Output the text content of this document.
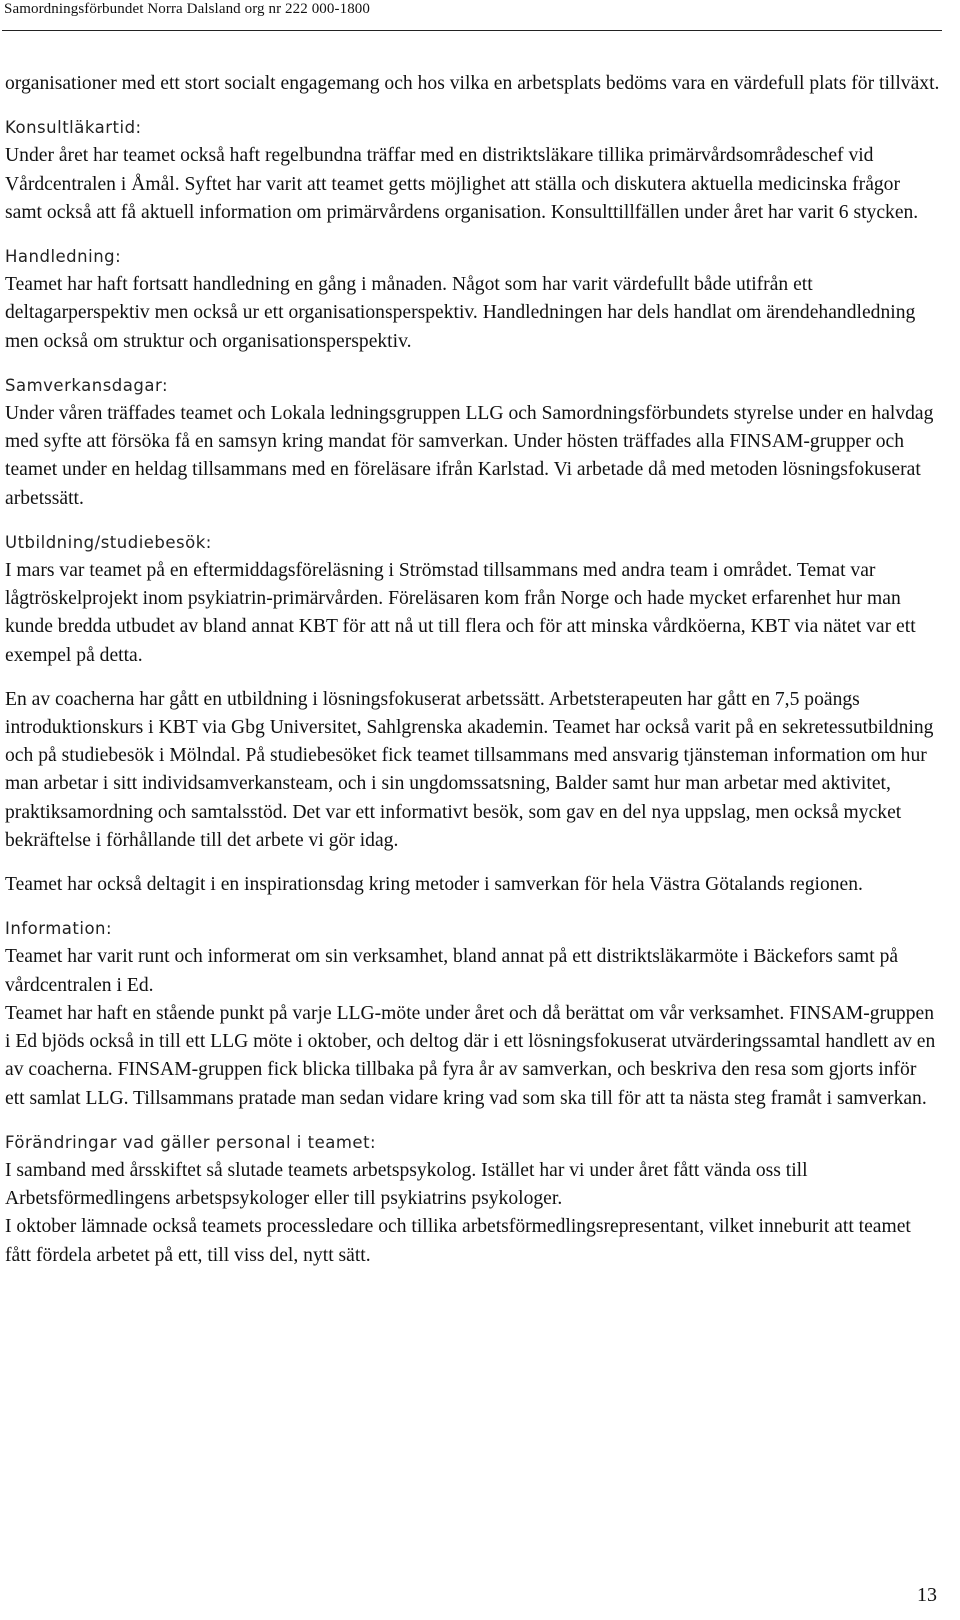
Samordningsförbundet Norra Dalsland org nr 222 000-1800

organisationer med ett stort socialt engagemang och hos vilka en arbetsplats bedöms vara en värdefull plats för tillväxt.

Konsultläkartid:

Under året har teamet också haft regelbundna träffar med en distriktsläkare tillika primärvårdsområdeschef vid Vårdcentralen i Åmål. Syftet har varit att teamet getts möjlighet att ställa och diskutera aktuella medicinska frågor samt också att få aktuell information om primärvårdens organisation. Konsulttillfällen under året har varit 6 stycken.

Handledning:

Teamet har haft fortsatt handledning en gång i månaden. Något som har varit värdefullt både utifrån ett deltagarperspektiv men också ur ett organisationsperspektiv. Handledningen har dels handlat om ärendehandledning men också om struktur och organisationsperspektiv.

Samverkansdagar:

Under våren träffades teamet och Lokala ledningsgruppen LLG och Samordningsförbundets styrelse under en halvdag med syfte att försöka få en samsyn kring mandat för samverkan. Under hösten träffades alla FINSAM-grupper och teamet under en heldag tillsammans med en föreläsare ifrån Karlstad. Vi arbetade då med metoden lösningsfokuserat arbetssätt.

Utbildning/studiebesök:

I mars var teamet på en eftermiddagsföreläsning i Strömstad tillsammans med andra team i området. Temat var lågtröskelprojekt inom psykiatrin-primärvården. Föreläsaren kom från Norge och hade mycket erfarenhet hur man kunde bredda utbudet av bland annat KBT för att nå ut till flera och för att minska vårdköerna, KBT via nätet var ett exempel på detta.

En av coacherna har gått en utbildning i lösningsfokuserat arbetssätt. Arbetsterapeuten har gått en 7,5 poängs introduktionskurs i KBT via Gbg Universitet, Sahlgrenska akademin. Teamet har också varit på en sekretessutbildning och på studiebesök i Mölndal. På studiebesöket fick teamet tillsammans med ansvarig tjänsteman information om hur man arbetar i sitt individsamverkansteam, och i sin ungdomssatsning, Balder samt hur man arbetar med aktivitet, praktiksamordning och samtalsstöd. Det var ett informativt besök, som gav en del nya uppslag, men också mycket bekräftelse i förhållande till det arbete vi gör idag.

Teamet har också deltagit i en inspirationsdag kring metoder i samverkan för hela Västra Götalands regionen.

Information:

Teamet har varit runt och informerat om sin verksamhet, bland annat på ett distriktsläkarmöte i Bäckefors samt på vårdcentralen i Ed.

Teamet har haft en stående punkt på varje LLG-möte under året och då berättat om vår verksamhet. FINSAM-gruppen i Ed bjöds också in till ett LLG möte i oktober, och deltog där i ett lösningsfokuserat utvärderingssamtal handlett av en av coacherna. FINSAM-gruppen fick blicka tillbaka på fyra år av samverkan, och beskriva den resa som gjorts inför ett samlat LLG. Tillsammans pratade man sedan vidare kring vad som ska till för att ta nästa steg framåt i samverkan.

Förändringar vad gäller personal i teamet:

I samband med årsskiftet så slutade teamets arbetspsykolog. Istället har vi under året fått vända oss till Arbetsförmedlingens arbetspsykologer eller till psykiatrins psykologer.

I oktober lämnade också teamets processledare och tillika arbetsförmedlingsrepresentant, vilket inneburit att teamet fått fördela arbetet på ett, till viss del, nytt sätt.

13
